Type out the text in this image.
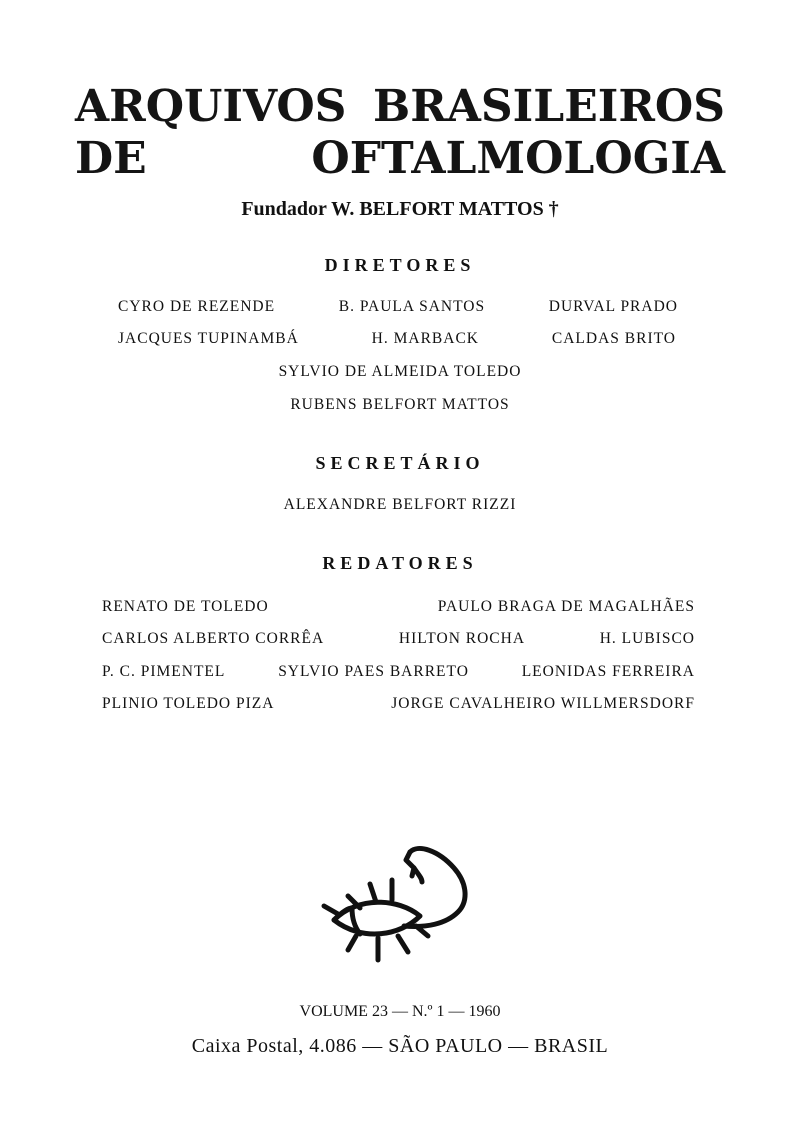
ARQUIVOS BRASILEIROS
DE OFTALMOLOGIA
Fundador W. BELFORT MATTOS †
DIRETORES
CYRO DE REZENDE	B. PAULA SANTOS	DURVAL PRADO
JACQUES TUPINAMBÁ	H. MARBACK	CALDAS BRITO
SYLVIO DE ALMEIDA TOLEDO
RUBENS BELFORT MATTOS
SECRETÁRIO
ALEXANDRE BELFORT RIZZI
REDATORES
RENATO DE TOLEDO	PAULO BRAGA DE MAGALHÃES
CARLOS ALBERTO CORRÊA	HILTON ROCHA	H. LUBISCO
P. C. PIMENTEL	SYLVIO PAES BARRETO	LEONIDAS FERREIRA
PLINIO TOLEDO PIZA	JORGE CAVALHEIRO WILLMERSDORF
VOLUME 23 — N.º 1 — 1960
Caixa Postal, 4.086 — SÃO PAULO — BRASIL
